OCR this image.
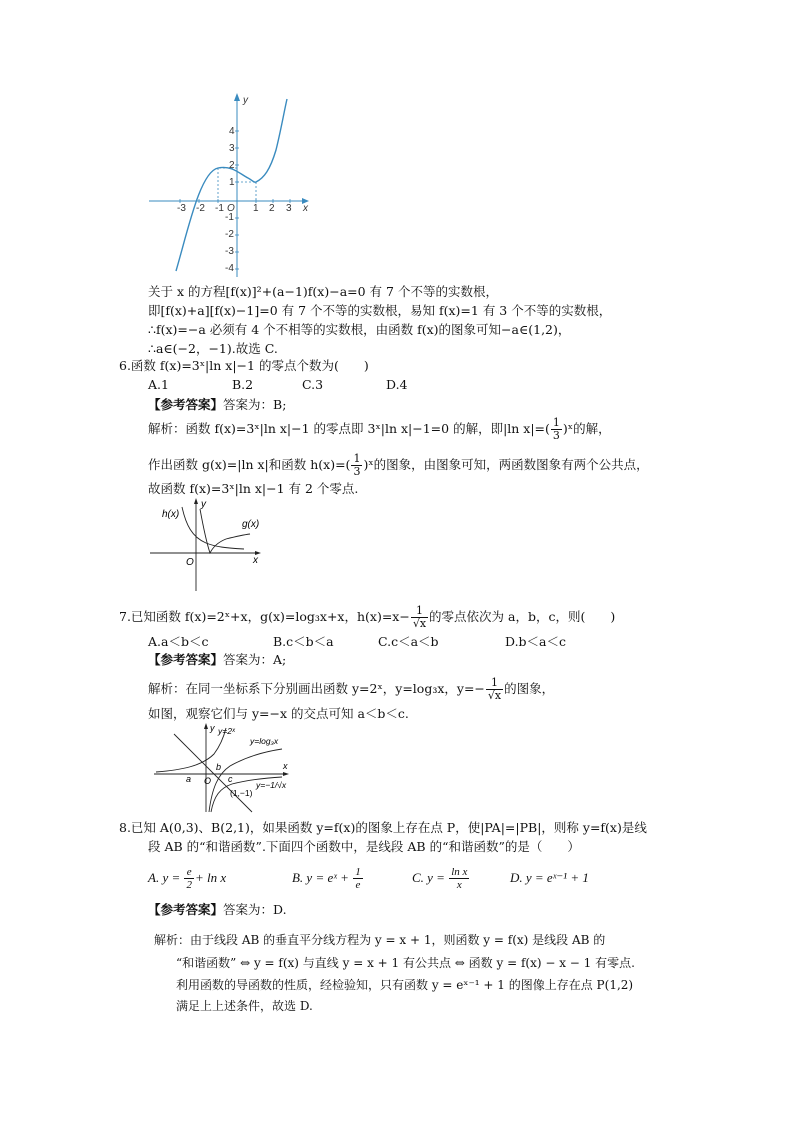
y
x
O
-3 -2 -1	1 2 3
4
3
2
1
-1
-2
-3
-4
关于 x 的方程[f(x)]²+(a−1)f(x)−a=0 有 7 个不等的实数根，
即[f(x)+a][f(x)−1]=0 有 7 个不等的实数根，易知 f(x)=1 有 3 个不等的实数根，
∴f(x)=−a 必须有 4 个不相等的实数根，由函数 f(x)的图象可知−a∈(1,2)，
∴a∈(−2，−1).故选 C.
6.函数 f(x)=3ˣ|ln x|−1 的零点个数为(　　)
A.1	B.2	C.3	D.4
【参考答案】答案为：B;
解析：函数 f(x)=3ˣ|ln x|−1 的零点即 3ˣ|ln x|−1=0 的解，即|ln $x|=( \frac{1}{3}$ )ˣ的解，
作出函数 g(x)=|ln x|和函数 $h(x)=( \frac{1}{3}$ )ˣ的图象，由图象可知，两函数图象有两个公共点，
故函数 f(x)=3ˣ|ln x|−1 有 2 个零点.
h(x)
g(x)
y
x
O
7.已知函数 f(x)=2ˣ+x，g(x)=log₃x+x，$h(x)=x- \frac{1}{√x}$ 的零点依次为 a，b，c，则(　　)
A.a＜b＜c	B.c＜b＜a	C.c＜a＜b	D.b＜a＜c
【参考答案】答案为：A;
解析：在同一坐标系下分别画出函数 y=2ˣ，y=log₃x，$y=- \frac{1}{√x}$ 的图象，
如图，观察它们与 y=−x 的交点可知 a＜b＜c.
y=2ˣ
y=log₃x
y=−1/√x
(1,−1)
O
a
b
c
x
y
8.已知 A(0,3)、B(2,1)，如果函数 y=f(x)的图象上存在点 P，使|PA|=|PB|，则称 y=f(x)是线
段 AB 的“和谐函数”.下面四个函数中，是线段 AB 的“和谐函数”的是（　　）
A. $y = \frac{e}{2} + \ln x$	B. y = eˣ + $\frac{1}{e}$	C. $y = \frac{\text{ln x}}{x}$	D. y = eˣ⁻¹ + 1
【参考答案】答案为：D.
解析：由于线段 AB 的垂直平分线方程为 y = x + 1，则函数 y = f(x) 是线段 AB 的
“和谐函数” ⇔ y = f(x) 与直线 y = x + 1 有公共点 ⇔ 函数 y = f(x) − x − 1 有零点.
利用函数的导函数的性质，经检验知，只有函数 y = eˣ⁻¹ + 1 的图像上存在点 P(1,2)
满足上上述条件，故选 D.
